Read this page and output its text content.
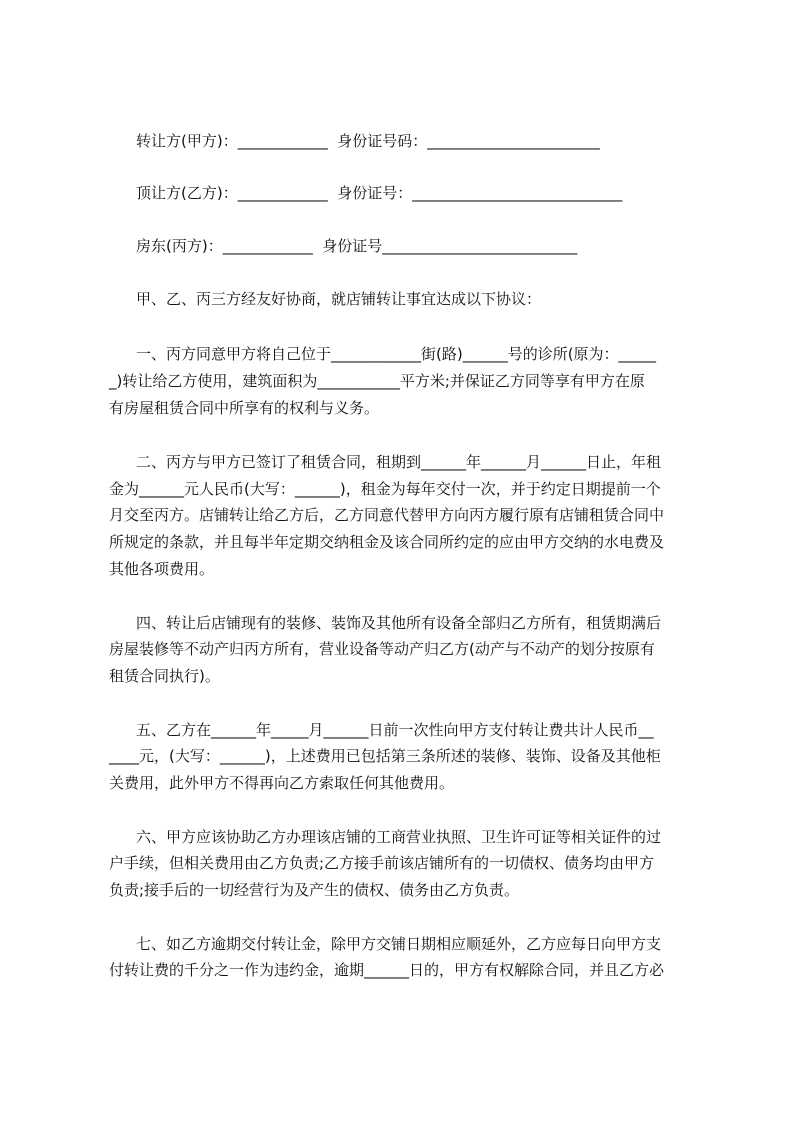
转让方(甲方)：____________  身份证号码：_______________________
顶让方(乙方)：____________  身份证号：____________________________
房东(丙方)：____________  身份证号__________________________
甲、乙、丙三方经友好协商，就店铺转让事宜达成以下协议：
一、丙方同意甲方将自己位于____________街(路)______号的诊所(原为：_____
_)转让给乙方使用，建筑面积为___________平方米;并保证乙方同等享有甲方在原
有房屋租赁合同中所享有的权利与义务。
二、丙方与甲方已签订了租赁合同，租期到______年______月______日止，年租
金为______元人民币(大写：______)，租金为每年交付一次，并于约定日期提前一个
月交至丙方。店铺转让给乙方后，乙方同意代替甲方向丙方履行原有店铺租赁合同中
所规定的条款，并且每半年定期交纳租金及该合同所约定的应由甲方交纳的水电费及
其他各项费用。
四、转让后店铺现有的装修、装饰及其他所有设备全部归乙方所有，租赁期满后
房屋装修等不动产归丙方所有，营业设备等动产归乙方(动产与不动产的划分按原有
租赁合同执行)。
五、乙方在______年_____月______日前一次性向甲方支付转让费共计人民币__
____元，(大写：______)，上述费用已包括第三条所述的装修、装饰、设备及其他柜
关费用，此外甲方不得再向乙方索取任何其他费用。
六、甲方应该协助乙方办理该店铺的工商营业执照、卫生许可证等相关证件的过
户手续，但相关费用由乙方负责;乙方接手前该店铺所有的一切债权、债务均由甲方
负责;接手后的一切经营行为及产生的债权、债务由乙方负责。
七、如乙方逾期交付转让金，除甲方交铺日期相应顺延外，乙方应每日向甲方支
付转让费的千分之一作为违约金，逾期______日的，甲方有权解除合同，并且乙方必
